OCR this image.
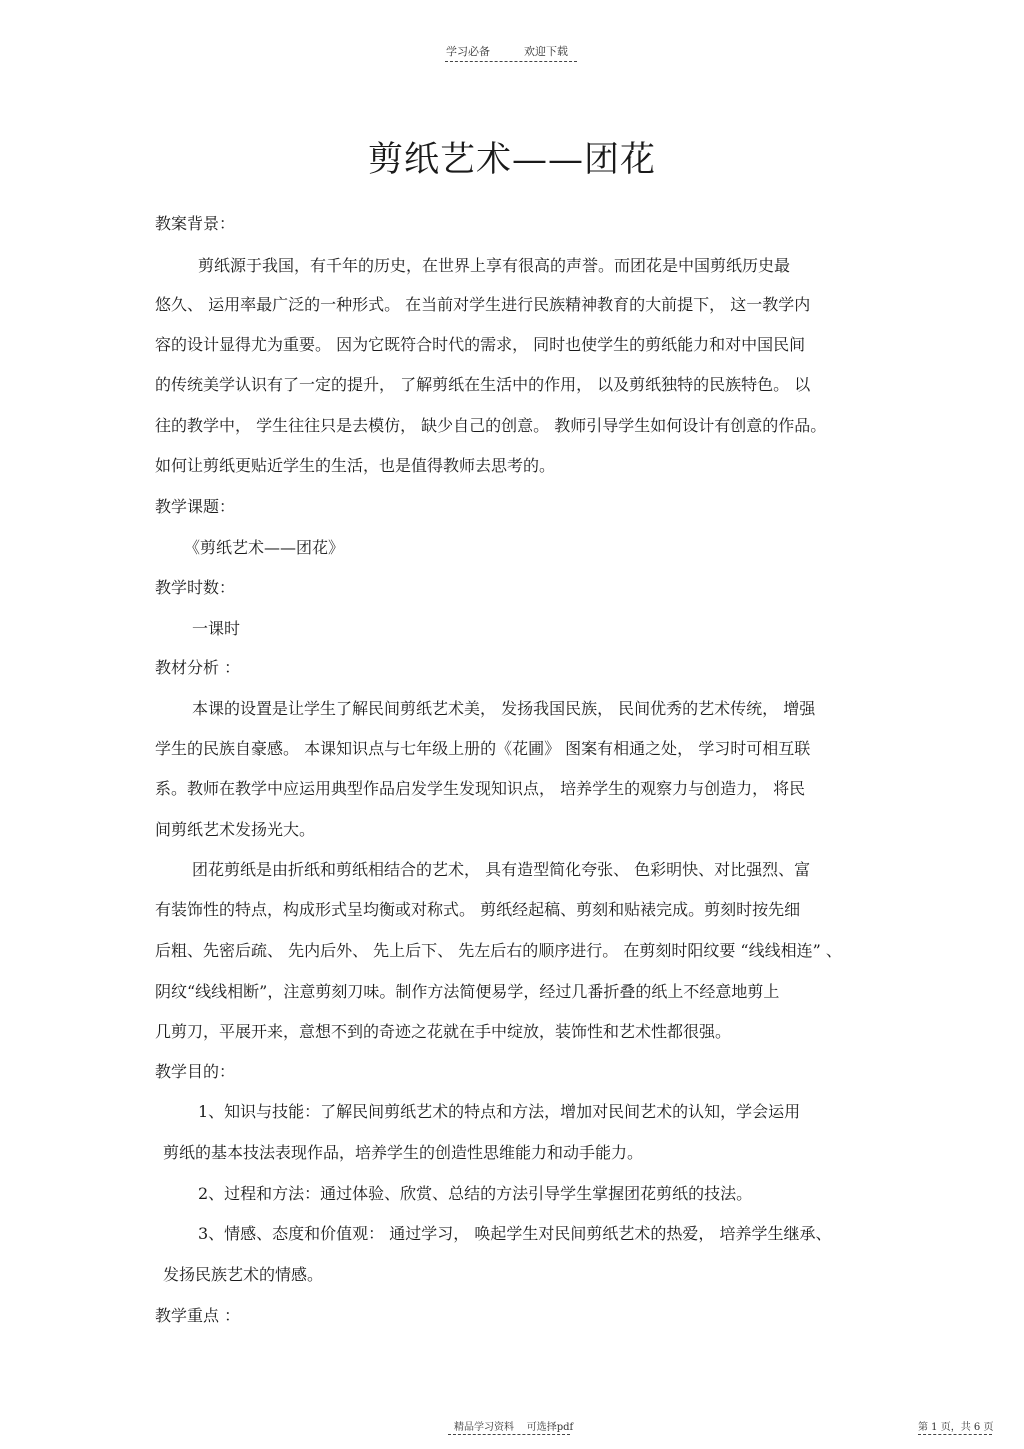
学习必备	欢迎下载
剪纸艺术——团花
教案背景：
剪纸源于我国，有千年的历史，在世界上享有很高的声誉。而团花是中国剪纸历史最
悠久、 运用率最广泛的一种形式。 在当前对学生进行民族精神教育的大前提下， 这一教学内
容的设计显得尤为重要。 因为它既符合时代的需求， 同时也使学生的剪纸能力和对中国民间
的传统美学认识有了一定的提升， 了解剪纸在生活中的作用， 以及剪纸独特的民族特色。 以
往的教学中， 学生往往只是去模仿， 缺少自己的创意。 教师引导学生如何设计有创意的作品。
如何让剪纸更贴近学生的生活，也是值得教师去思考的。
教学课题：
《剪纸艺术——团花》
教学时数：
一课时
教材分析 ：
本课的设置是让学生了解民间剪纸艺术美， 发扬我国民族， 民间优秀的艺术传统， 增强
学生的民族自豪感。 本课知识点与七年级上册的《花圃》 图案有相通之处， 学习时可相互联
系。教师在教学中应运用典型作品启发学生发现知识点， 培养学生的观察力与创造力， 将民
间剪纸艺术发扬光大。
团花剪纸是由折纸和剪纸相结合的艺术， 具有造型简化夸张、 色彩明快、对比强烈、富
有装饰性的特点，构成形式呈均衡或对称式。 剪纸经起稿、剪刻和贴裱完成。剪刻时按先细
后粗、先密后疏、 先内后外、 先上后下、 先左后右的顺序进行。 在剪刻时阳纹要 “线线相连” 、
阴纹“线线相断”，注意剪刻刀味。制作方法简便易学，经过几番折叠的纸上不经意地剪上
几剪刀，平展开来，意想不到的奇迹之花就在手中绽放，装饰性和艺术性都很强。
教学目的：
1、知识与技能：了解民间剪纸艺术的特点和方法，增加对民间艺术的认知，学会运用
剪纸的基本技法表现作品，培养学生的创造性思维能力和动手能力。
2、过程和方法：通过体验、欣赏、总结的方法引导学生掌握团花剪纸的技法。
3、情感、态度和价值观： 通过学习， 唤起学生对民间剪纸艺术的热爱， 培养学生继承、
发扬民族艺术的情感。
教学重点 ：
精品学习资料 可选择pdf	第 1 页，共 6 页
